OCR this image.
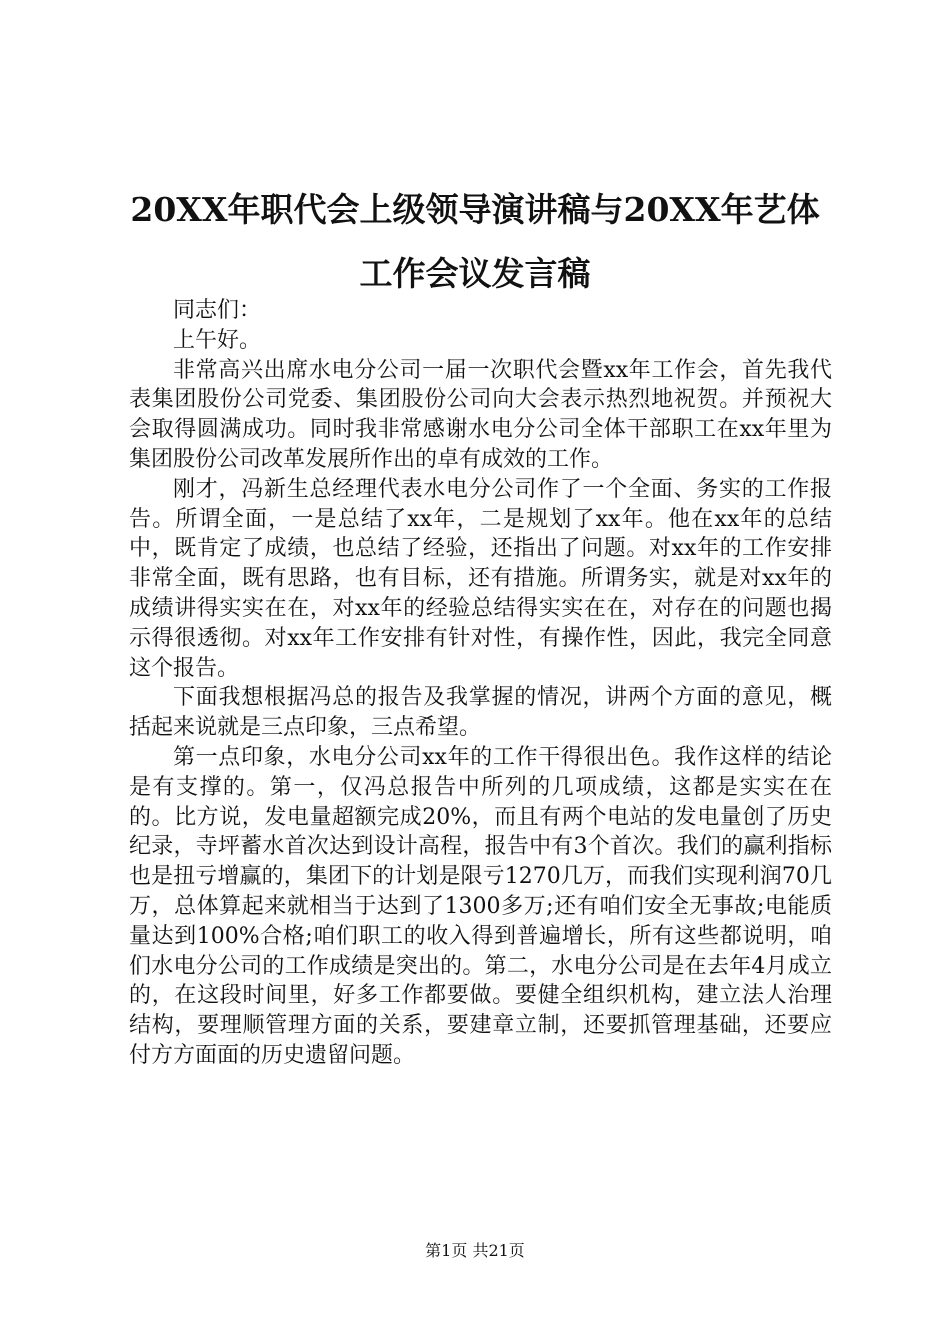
20XX年职代会上级领导演讲稿与20XX年艺体
工作会议发言稿

同志们：

上午好。

非常高兴出席水电分公司一届一次职代会暨xx年工作会，首先我代表集团股份公司党委、集团股份公司向大会表示热烈地祝贺。并预祝大会取得圆满成功。同时我非常感谢水电分公司全体干部职工在xx年里为集团股份公司改革发展所作出的卓有成效的工作。

刚才，冯新生总经理代表水电分公司作了一个全面、务实的工作报告。所谓全面，一是总结了xx年，二是规划了xx年。他在xx年的总结中，既肯定了成绩，也总结了经验，还指出了问题。对xx年的工作安排非常全面，既有思路，也有目标，还有措施。所谓务实，就是对xx年的成绩讲得实实在在，对xx年的经验总结得实实在在，对存在的问题也揭示得很透彻。对xx年工作安排有针对性，有操作性，因此，我完全同意这个报告。

下面我想根据冯总的报告及我掌握的情况，讲两个方面的意见，概括起来说就是三点印象，三点希望。

第一点印象，水电分公司xx年的工作干得很出色。我作这样的结论是有支撑的。第一，仅冯总报告中所列的几项成绩，这都是实实在在的。比方说，发电量超额完成20%，而且有两个电站的发电量创了历史纪录，寺坪蓄水首次达到设计高程，报告中有3个首次。我们的赢利指标也是扭亏增赢的，集团下的计划是限亏1270几万，而我们实现利润70几万，总体算起来就相当于达到了1300多万;还有咱们安全无事故;电能质量达到100%合格;咱们职工的收入得到普遍增长，所有这些都说明，咱们水电分公司的工作成绩是突出的。第二，水电分公司是在去年4月成立的，在这段时间里，好多工作都要做。要健全组织机构，建立法人治理结构，要理顺管理方面的关系，要建章立制，还要抓管理基础，还要应付方方面面的历史遗留问题。

第1页 共21页
